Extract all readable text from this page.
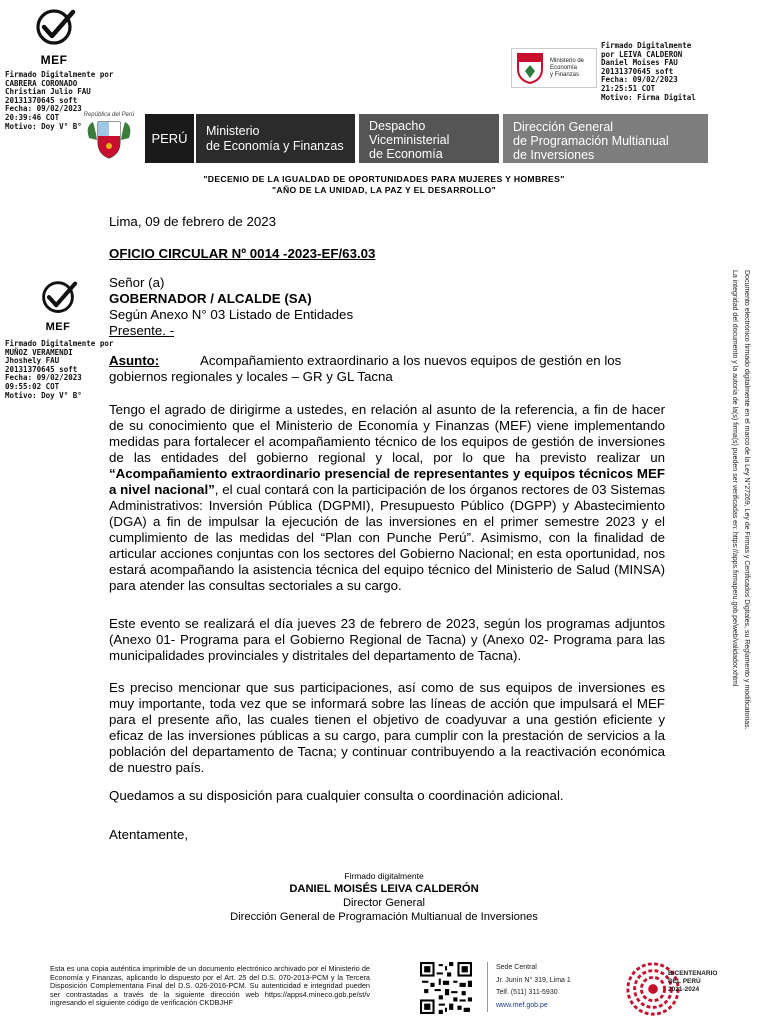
MEF
Firmado Digitalmente por
CABRERA CORONADO
Christian Julio FAU
20131370645 soft
Fecha: 09/02/2023
20:39:46 COT
Motivo: Doy V° B°
Ministerio de
Economía
y Finanzas
Firmado Digitalmente
por LEIVA CALDERON
Daniel Moises FAU
20131370645 soft
Fecha: 09/02/2023
21:25:51 COT
Motivo: Firma Digital
República del Perú
PERÚ	Ministerio
de Economía y Finanzas
Despacho
Viceministerial
de Economía
Dirección General
de Programación Multianual
de Inversiones
"DECENIO DE LA IGUALDAD DE OPORTUNIDADES PARA MUJERES Y HOMBRES"
"AÑO DE LA UNIDAD, LA PAZ Y EL DESARROLLO"
MEF
Firmado Digitalmente por
MUÑOZ VERAMENDI
Jhoshely FAU
20131370645 soft
Fecha: 09/02/2023
09:55:02 COT
Motivo: Doy V° B°
Lima, 09 de febrero de 2023
OFICIO CIRCULAR Nº 0014 -2023-EF/63.03
Señor (a)
GOBERNADOR / ALCALDE (SA)
Según Anexo N° 03 Listado de Entidades
Presente. -
Asunto:	Acompañamiento extraordinario a los nuevos equipos de gestión en los gobiernos regionales y locales – GR y GL Tacna
Tengo el agrado de dirigirme a ustedes, en relación al asunto de la referencia, a fin de hacer de su conocimiento que el Ministerio de Economía y Finanzas (MEF) viene implementando medidas para fortalecer el acompañamiento técnico de los equipos de gestión de inversiones de las entidades del gobierno regional y local, por lo que ha previsto realizar un “Acompañamiento extraordinario presencial de representantes y equipos técnicos MEF a nivel nacional”, el cual contará con la participación de los órganos rectores de 03 Sistemas Administrativos: Inversión Pública (DGPMI), Presupuesto Público (DGPP) y Abastecimiento (DGA) a fin de impulsar la ejecución de las inversiones en el primer semestre 2023 y el cumplimiento de las medidas del “Plan con Punche Perú”. Asimismo, con la finalidad de articular acciones conjuntas con los sectores del Gobierno Nacional; en esta oportunidad, nos estará acompañando la asistencia técnica del equipo técnico del Ministerio de Salud (MINSA) para atender las consultas sectoriales a su cargo.
Este evento se realizará el día jueves 23 de febrero de 2023, según los programas adjuntos (Anexo 01- Programa para el Gobierno Regional de Tacna) y (Anexo 02- Programa para las municipalidades provinciales y distritales del departamento de Tacna).
Es preciso mencionar que sus participaciones, así como de sus equipos de inversiones es muy importante, toda vez que se informará sobre las líneas de acción que impulsará el MEF para el presente año, las cuales tienen el objetivo de coadyuvar a una gestión eficiente y eficaz de las inversiones públicas a su cargo, para cumplir con la prestación de servicios a la población del departamento de Tacna; y continuar contribuyendo a la reactivación económica de nuestro país.
Quedamos a su disposición para cualquier consulta o coordinación adicional.
Atentamente,
Firmado digitalmente
DANIEL MOISÉS LEIVA CALDERÓN
Director General
Dirección General de Programación Multianual de Inversiones
Documento electrónico firmado digitalmente en el marco de la Ley N°27269, Ley de Firmas y Certificados Digitales, su Reglamento y modificatorias.
La integridad del documento y la autoría de la(s) firma(s) pueden ser verificadas en: https://apps.firmaperu.gob.pe/web/validador.xhtml
Esta es una copia auténtica imprimible de un documento electrónico archivado por el Ministerio de Economía y Finanzas, aplicando lo dispuesto por el Art. 25 del D.S. 070-2013-PCM y la Tercera Disposición Complementaria Final del D.S. 026-2016-PCM. Su autenticidad e integridad pueden ser contrastadas a través de la siguiente dirección web https://apps4.mineco.gob.pe/st/v ingresando el siguiente código de verificación CKDBJHF
Sede Central
Jr. Junín N° 319, Lima 1
Telf. (511) 311-5930
www.mef.gob.pe
BICENTENARIO
DEL PERÚ
2021-2024
